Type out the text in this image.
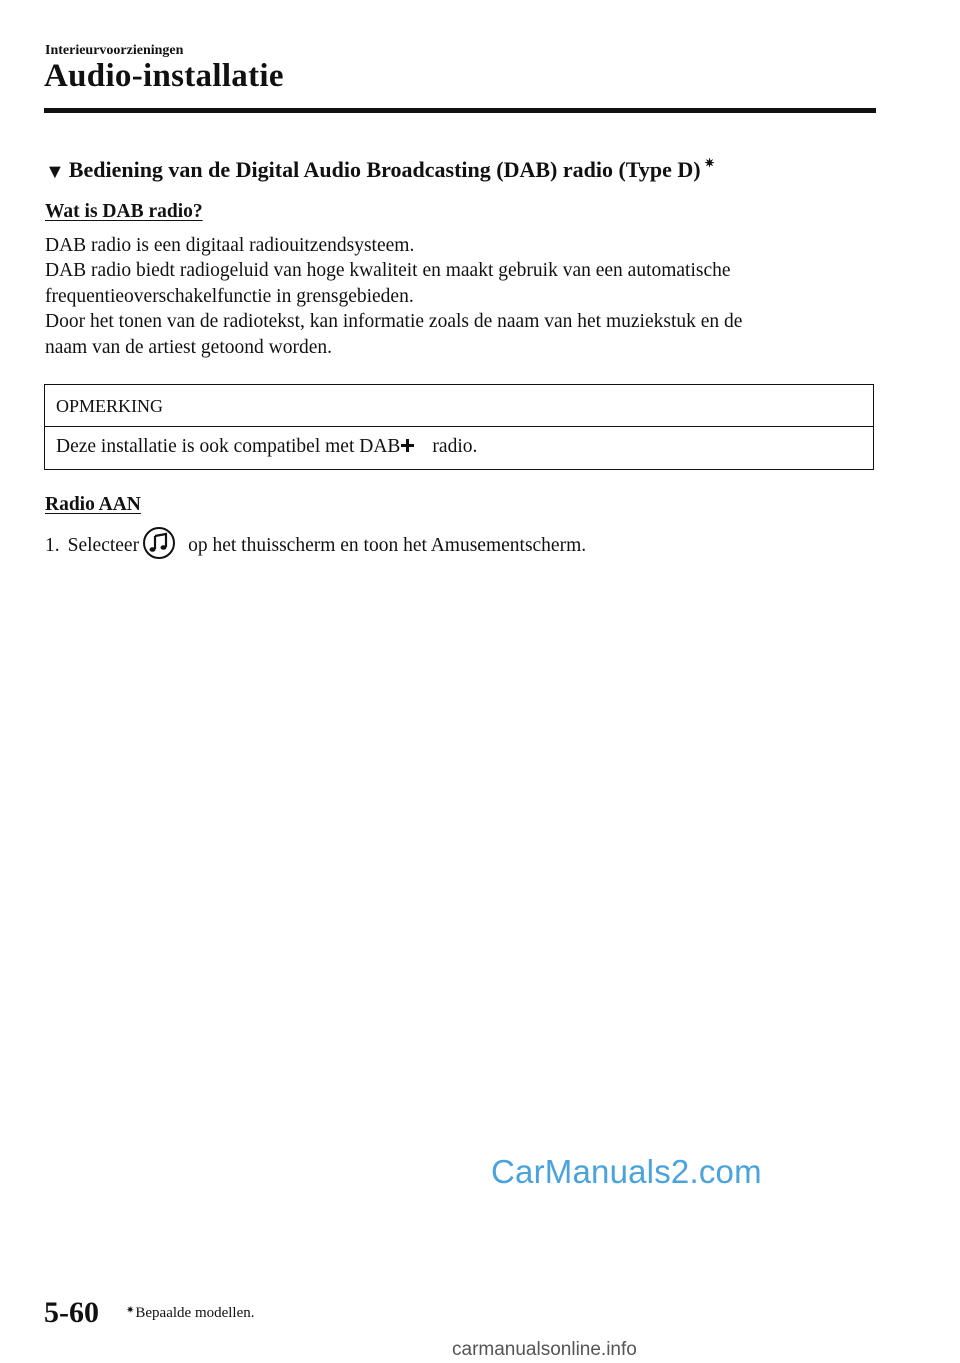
Interieurvoorzieningen
Audio-installatie
▼ Bediening van de Digital Audio Broadcasting (DAB) radio (Type D) ✷
Wat is DAB radio?

DAB radio is een digitaal radiouitzendsysteem.

DAB radio biedt radiogeluid van hoge kwaliteit en maakt gebruik van een automatische

frequentieoverschakelfunctie in grensgebieden.

Door het tonen van de radiotekst, kan informatie zoals de naam van het muziekstuk en de

naam van de artiest getoond worden.

OPMERKING
Deze installatie is ook compatibel met DAB radio.
Radio AAN
1. Selecteer	op het thuisscherm en toon het Amusementscherm.
CarManuals2.com
5-60	✷ Bepaalde modellen.
carmanualsonline.info
